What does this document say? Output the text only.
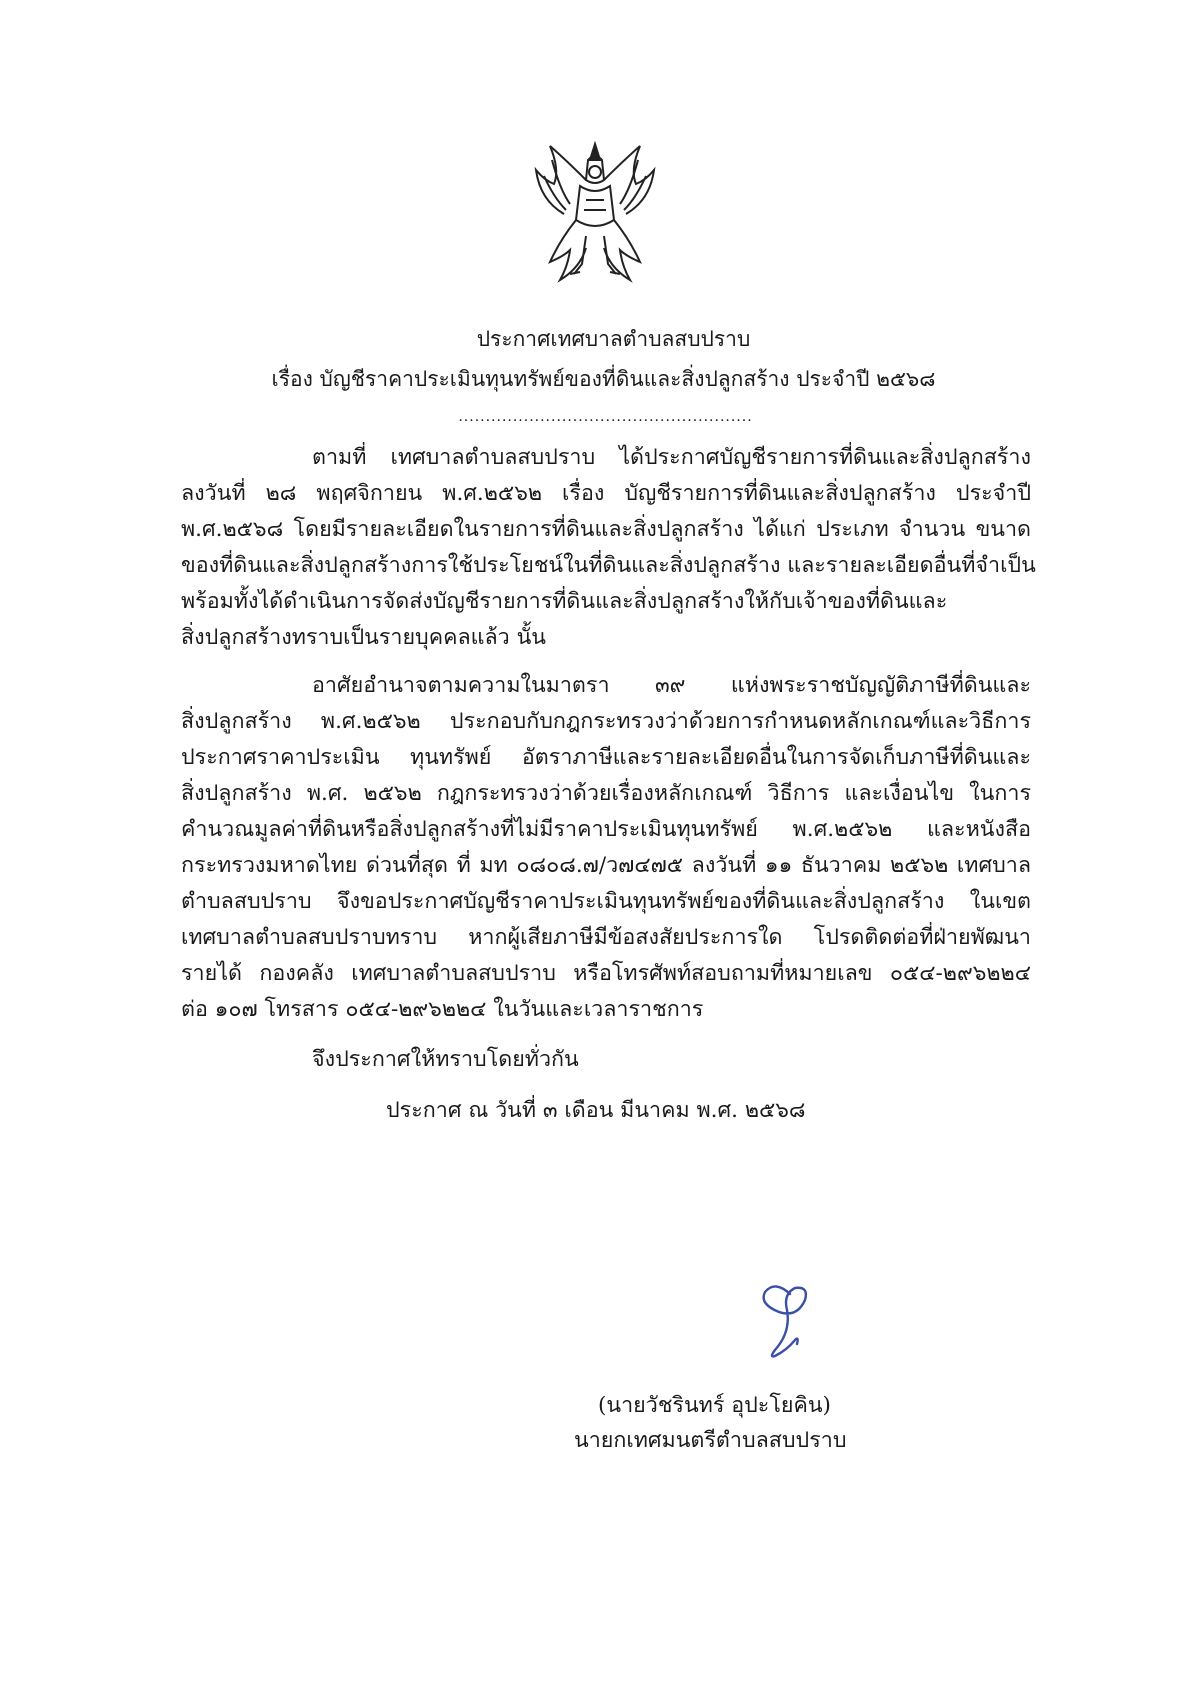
ประกาศเทศบาลตำบลสบปราบ
เรื่อง บัญชีราคาประเมินทุนทรัพย์ของที่ดินและสิ่งปลูกสร้าง ประจำปี ๒๕๖๘
......................................................
ตามที่ เทศบาลตำบลสบปราบ ได้ประกาศบัญชีรายการที่ดินและสิ่งปลูกสร้าง
ลงวันที่ ๒๘ พฤศจิกายน พ.ศ.๒๕๖๒ เรื่อง บัญชีรายการที่ดินและสิ่งปลูกสร้าง ประจำปี
พ.ศ.๒๕๖๘ โดยมีรายละเอียดในรายการที่ดินและสิ่งปลูกสร้าง ได้แก่ ประเภท จำนวน ขนาด
ของที่ดินและสิ่งปลูกสร้างการใช้ประโยชน์ในที่ดินและสิ่งปลูกสร้าง และรายละเอียดอื่นที่จำเป็น
พร้อมทั้งได้ดำเนินการจัดส่งบัญชีรายการที่ดินและสิ่งปลูกสร้างให้กับเจ้าของที่ดินและ
สิ่งปลูกสร้างทราบเป็นรายบุคคลแล้ว นั้น
อาศัยอำนาจตามความในมาตรา ๓๙ แห่งพระราชบัญญัติภาษีที่ดินและ
สิ่งปลูกสร้าง พ.ศ.๒๕๖๒ ประกอบกับกฎกระทรวงว่าด้วยการกำหนดหลักเกณฑ์และวิธีการ
ประกาศราคาประเมิน ทุนทรัพย์ อัตราภาษีและรายละเอียดอื่นในการจัดเก็บภาษีที่ดินและ
สิ่งปลูกสร้าง พ.ศ. ๒๕๖๒ กฎกระทรวงว่าด้วยเรื่องหลักเกณฑ์ วิธีการ และเงื่อนไข ในการ
คำนวณมูลค่าที่ดินหรือสิ่งปลูกสร้างที่ไม่มีราคาประเมินทุนทรัพย์ พ.ศ.๒๕๖๒ และหนังสือ
กระทรวงมหาดไทย ด่วนที่สุด ที่ มท ๐๘๐๘.๗/ว๗๔๗๕ ลงวันที่ ๑๑ ธันวาคม ๒๕๖๒ เทศบาล
ตำบลสบปราบ จึงขอประกาศบัญชีราคาประเมินทุนทรัพย์ของที่ดินและสิ่งปลูกสร้าง ในเขต
เทศบาลตำบลสบปราบทราบ หากผู้เสียภาษีมีข้อสงสัยประการใด โปรดติดต่อที่ฝ่ายพัฒนา
รายได้ กองคลัง เทศบาลตำบลสบปราบ หรือโทรศัพท์สอบถามที่หมายเลข ๐๕๔-๒๙๖๒๒๔
ต่อ ๑๐๗ โทรสาร ๐๕๔-๒๙๖๒๒๔ ในวันและเวลาราชการ
จึงประกาศให้ทราบโดยทั่วกัน
ประกาศ ณ วันที่ ๓ เดือน มีนาคม พ.ศ. ๒๕๖๘
(นายวัชรินทร์ อุปะโยคิน)
นายกเทศมนตรีตำบลสบปราบ
